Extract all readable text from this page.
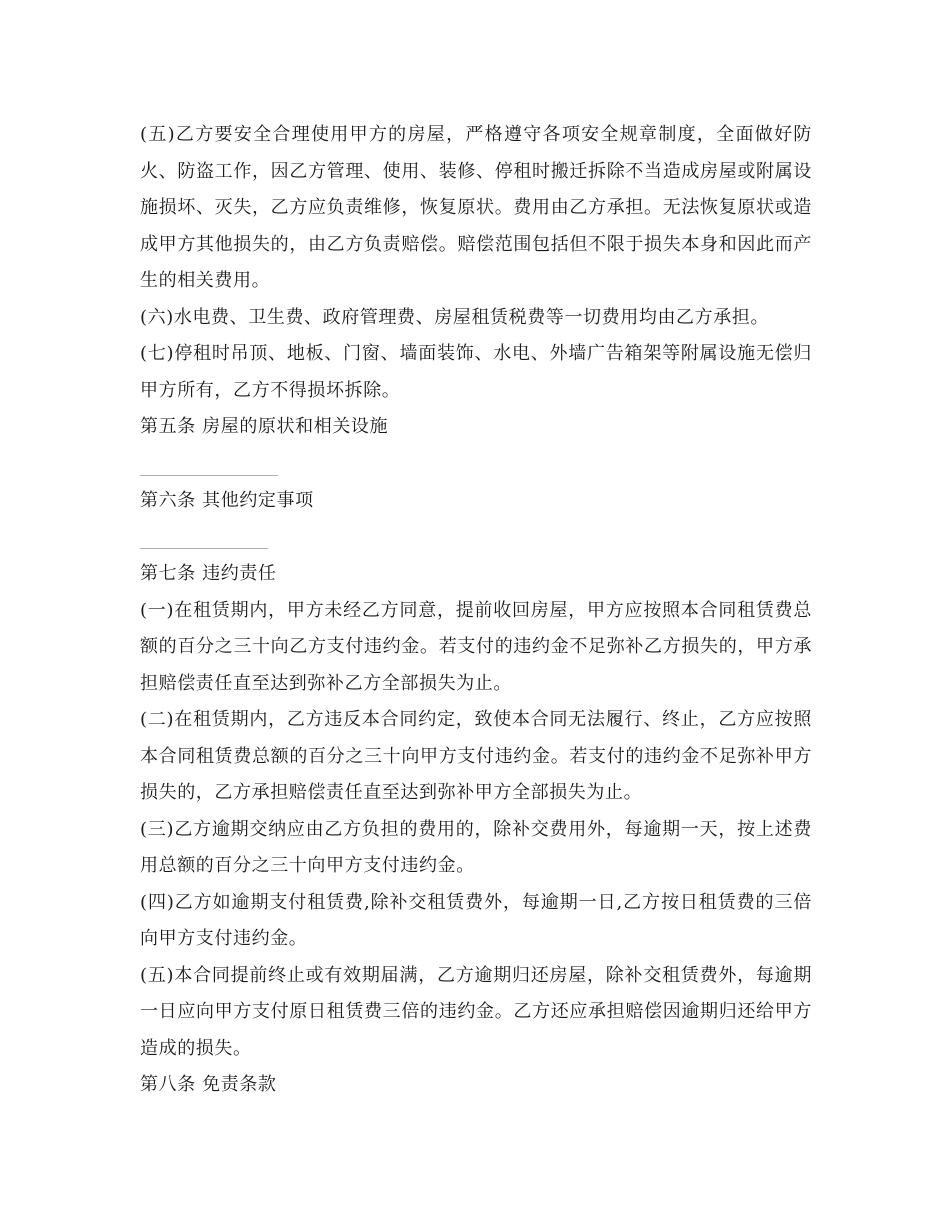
(五)乙方要安全合理使用甲方的房屋，严格遵守各项安全规章制度，全面做好防火、防盗工作，因乙方管理、使用、装修、停租时搬迁拆除不当造成房屋或附属设施损坏、灭失，乙方应负责维修，恢复原状。费用由乙方承担。无法恢复原状或造成甲方其他损失的，由乙方负责赔偿。赔偿范围包括但不限于损失本身和因此而产生的相关费用。

(六)水电费、卫生费、政府管理费、房屋租赁税费等一切费用均由乙方承担。

(七)停租时吊顶、地板、门窗、墙面装饰、水电、外墙广告箱架等附属设施无偿归甲方所有，乙方不得损坏拆除。

第五条 房屋的原状和相关设施

第六条 其他约定事项

第七条 违约责任

(一)在租赁期内，甲方未经乙方同意，提前收回房屋，甲方应按照本合同租赁费总额的百分之三十向乙方支付违约金。若支付的违约金不足弥补乙方损失的，甲方承担赔偿责任直至达到弥补乙方全部损失为止。

(二)在租赁期内，乙方违反本合同约定，致使本合同无法履行、终止，乙方应按照本合同租赁费总额的百分之三十向甲方支付违约金。若支付的违约金不足弥补甲方损失的，乙方承担赔偿责任直至达到弥补甲方全部损失为止。

(三)乙方逾期交纳应由乙方负担的费用的，除补交费用外，每逾期一天，按上述费用总额的百分之三十向甲方支付违约金。

(四)乙方如逾期支付租赁费,除补交租赁费外，每逾期一日,乙方按日租赁费的三倍向甲方支付违约金。

(五)本合同提前终止或有效期届满，乙方逾期归还房屋，除补交租赁费外，每逾期一日应向甲方支付原日租赁费三倍的违约金。乙方还应承担赔偿因逾期归还给甲方造成的损失。

第八条 免责条款
